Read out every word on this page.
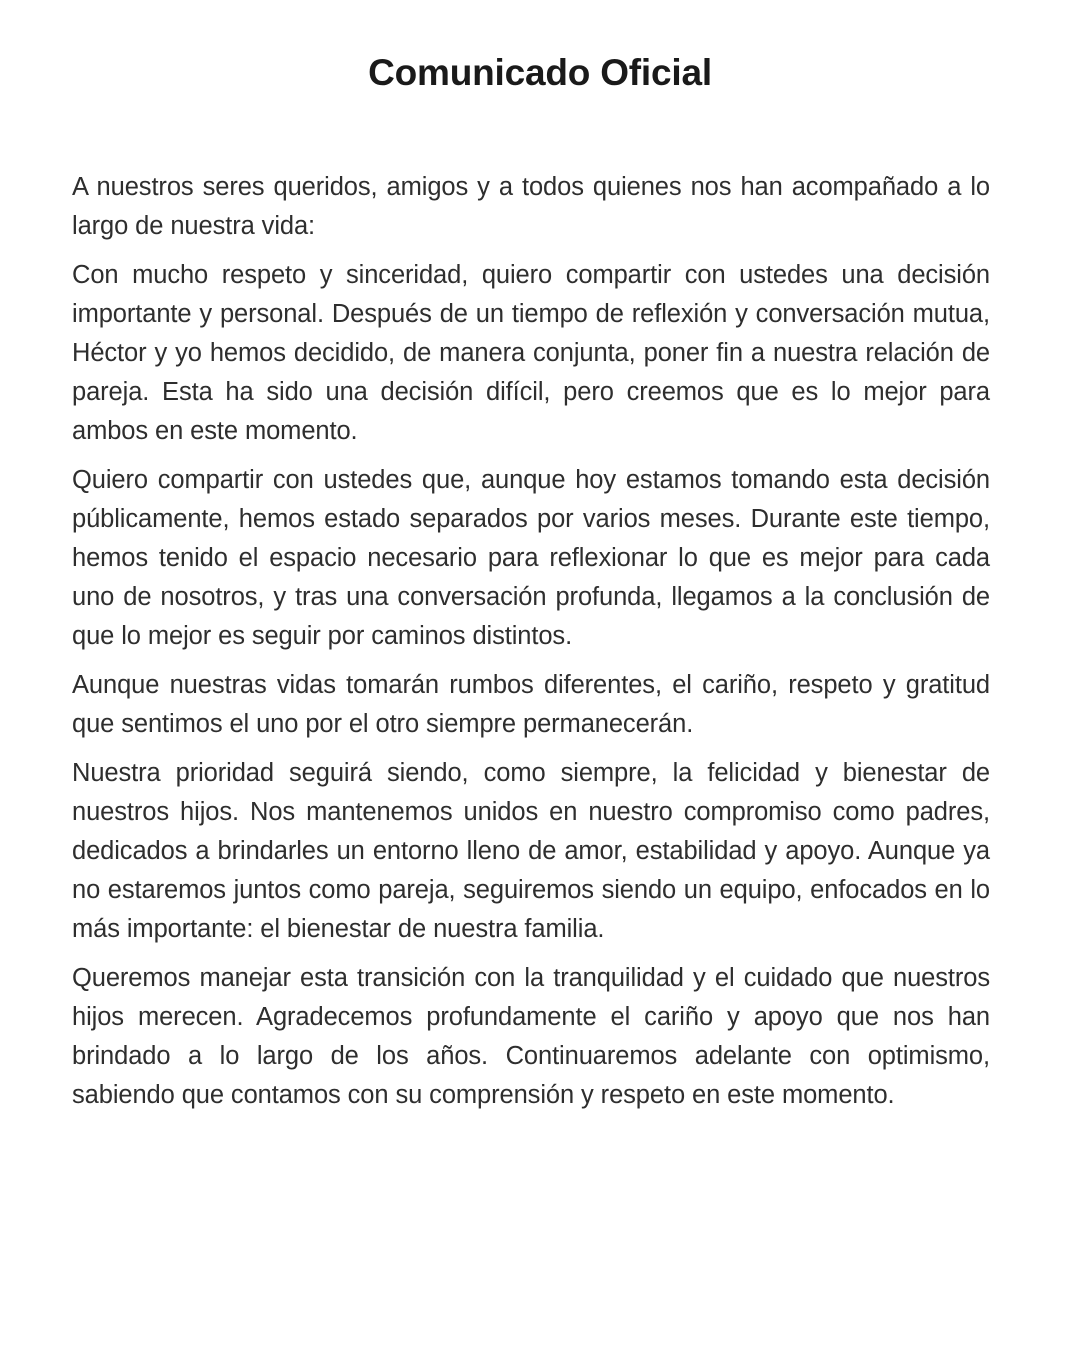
Comunicado Oficial

A nuestros seres queridos, amigos y a todos quienes nos han acompañado a lo largo de nuestra vida:

Con mucho respeto y sinceridad, quiero compartir con ustedes una decisión importante y personal. Después de un tiempo de reflexión y conversación mutua, Héctor y yo hemos decidido, de manera conjunta, poner fin a nuestra relación de pareja. Esta ha sido una decisión difícil, pero creemos que es lo mejor para ambos en este momento.

Quiero compartir con ustedes que, aunque hoy estamos tomando esta decisión públicamente, hemos estado separados por varios meses. Durante este tiempo, hemos tenido el espacio necesario para reflexionar lo que es mejor para cada uno de nosotros, y tras una conversación profunda, llegamos a la conclusión de que lo mejor es seguir por caminos distintos.

Aunque nuestras vidas tomarán rumbos diferentes, el cariño, respeto y gratitud que sentimos el uno por el otro siempre permanecerán.

Nuestra prioridad seguirá siendo, como siempre, la felicidad y bienestar de nuestros hijos. Nos mantenemos unidos en nuestro compromiso como padres, dedicados a brindarles un entorno lleno de amor, estabilidad y apoyo. Aunque ya no estaremos juntos como pareja, seguiremos siendo un equipo, enfocados en lo más importante: el bienestar de nuestra familia.

Queremos manejar esta transición con la tranquilidad y el cuidado que nuestros hijos merecen. Agradecemos profundamente el cariño y apoyo que nos han brindado a lo largo de los años. Continuaremos adelante con optimismo, sabiendo que contamos con su comprensión y respeto en este momento.
